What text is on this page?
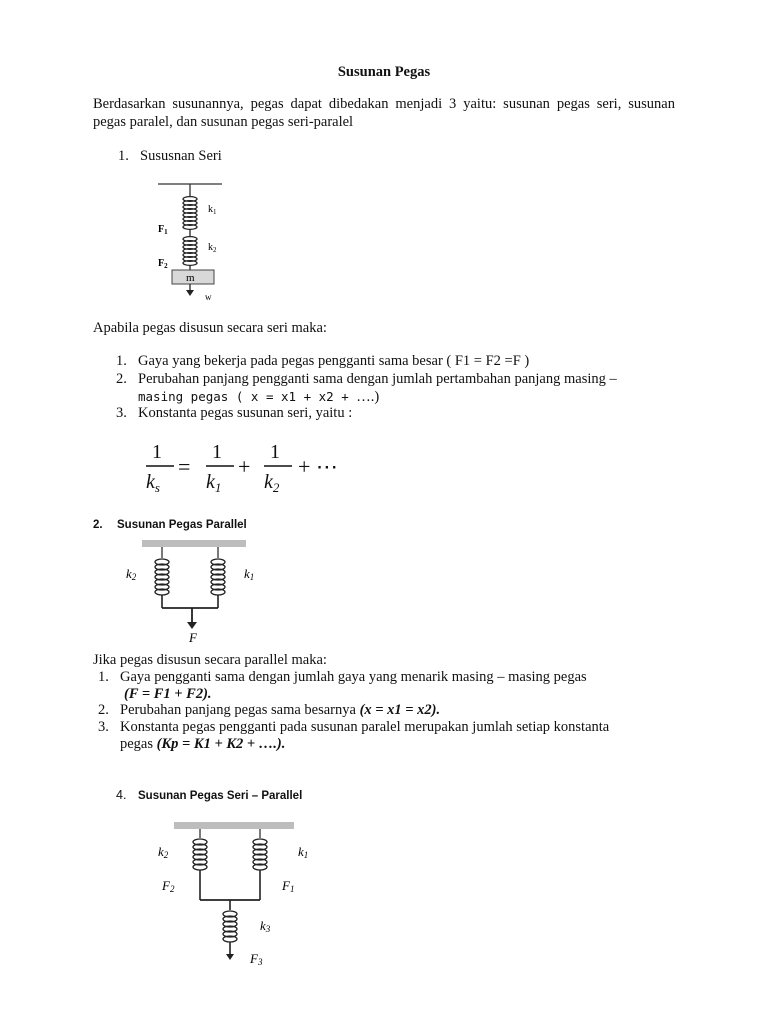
Susunan Pegas
Berdasarkan susunannya, pegas dapat dibedakan menjadi 3 yaitu: susunan pegas seri, susunan pegas paralel, dan susunan pegas seri-paralel
1. Sususnan Seri
$k_1$
$k_2$
$F_1$
$F_2$
m
w
Apabila pegas disusun secara seri maka:
1. Gaya yang bekerja pada pegas pengganti sama besar ( F1 = F2 =F )
2. Perubahan panjang pengganti sama dengan jumlah pertambahan panjang masing –
masing pegas ( x = x1 + x2 + ….)
3. Konstanta pegas susunan seri, yaitu :
1
$k_s$
=
1
$k_1$
+
1
$k_2$
+ ⋯
2. Susunan Pegas Parallel
k2	k1
F
Jika pegas disusun secara parallel maka:
1. Gaya pengganti sama dengan jumlah gaya yang menarik masing – masing pegas
(F = F1 + F2).
2. Perubahan panjang pegas sama besarnya (x = x1 = x2).
3. Konstanta pegas pengganti pada susunan paralel merupakan jumlah setiap konstanta
pegas (Kp = K1 + K2 + ….).
4. Susunan Pegas Seri – Parallel
k2	k1
F2	F1
k3
F3
